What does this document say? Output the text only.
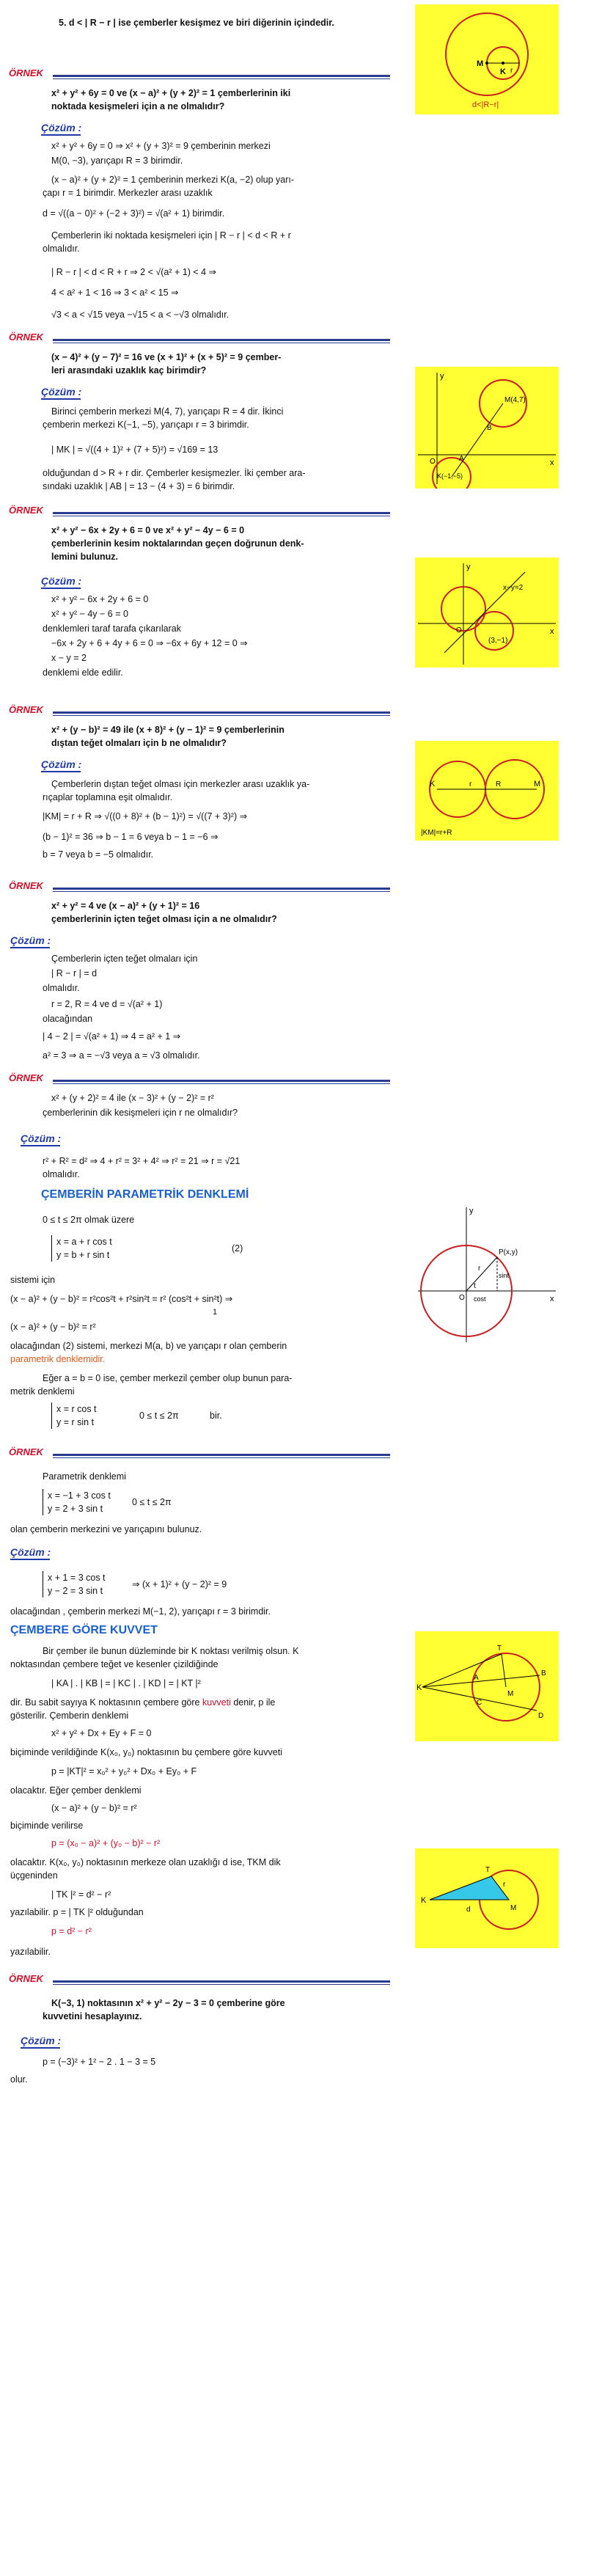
5. d < | R − r | ise çemberler kesişmez ve biri diğerinin içindedir.
M
K r
d<|R−r|
ÖRNEK
x² + y² + 6y = 0 ve (x − a)² + (y + 2)² = 1 çemberlerinin iki
noktada kesişmeleri için a ne olmalıdır?
Çözüm :
x² + y² + 6y = 0 ⇒ x² + (y + 3)² = 9 çemberinin merkezi
M(0, −3), yarıçapı R = 3 birimdir.
(x − a)² + (y + 2)² = 1 çemberinin merkezi K(a, −2) olup yarı-
çapı r = 1 birimdir. Merkezler arası uzaklık
d = √((a − 0)² + (−2 + 3)²) = √(a² + 1) birimdir.
Çemberlerin iki noktada kesişmeleri için | R − r | < d < R + r
olmalıdır.
| R − r | < d < R + r ⇒ 2 < √(a² + 1) < 4 ⇒
4 < a² + 1 < 16 ⇒ 3 < a² < 15 ⇒
√3 < a < √15 veya −√15 < a < −√3 olmalıdır.
ÖRNEK
(x − 4)² + (y − 7)² = 16 ve (x + 1)² + (x + 5)² = 9 çember-
leri arasındaki uzaklık kaç birimdir?
Çözüm :
Birinci çemberin merkezi M(4, 7), yarıçapı R = 4 dir. İkinci
çemberin merkezi K(−1, −5), yarıçapı r = 3 birimdir.
| MK | = √((4 + 1)² + (7 + 5)²) = √169 = 13
olduğundan d > R + r dir. Çemberler kesişmezler. İki çember ara-
sındaki uzaklık | AB | = 13 − (4 + 3) = 6 birimdir.
y
x
O
M(4,7)
B
A
K(−1,−5)
ÖRNEK
x² + y² − 6x + 2y + 6 = 0 ve x² + y² − 4y − 6 = 0
çemberlerinin kesim noktalarından geçen doğrunun denk-
lemini bulunuz.
Çözüm :
x² + y² − 6x + 2y + 6 = 0
x² + y² − 4y − 6 = 0
denklemleri taraf tarafa çıkarılarak
−6x + 2y + 6 + 4y + 6 = 0 ⇒ −6x + 6y + 12 = 0 ⇒
x − y = 2
denklemi elde edilir.
y
x
O
x−y=2
(3,−1)
ÖRNEK
x² + (y − b)² = 49 ile (x + 8)² + (y − 1)² = 9 çemberlerinin
dıştan teğet olmaları için b ne olmalıdır?
Çözüm :
Çemberlerin dıştan teğet olması için merkezler arası uzaklık ya-
rıçaplar toplamına eşit olmalıdır.
|KM| = r + R ⇒ √((0 + 8)² + (b − 1)²) = √((7 + 3)²) ⇒
(b − 1)² = 36 ⇒ b − 1 = 6 veya b − 1 = −6 ⇒
b = 7 veya b = −5 olmalıdır.
K	M
r	R
|KM|=r+R
ÖRNEK
x² + y² = 4 ve (x − a)² + (y + 1)² = 16
çemberlerinin içten teğet olması için a ne olmalıdır?
Çözüm :
Çemberlerin içten teğet olmaları için
| R − r | = d
olmalıdır.
r = 2, R = 4 ve d = √(a² + 1)
olacağından
| 4 − 2 | = √(a² + 1) ⇒ 4 = a² + 1 ⇒
a² = 3 ⇒ a = −√3 veya a = √3 olmalıdır.
ÖRNEK
x² + (y + 2)² = 4 ile (x − 3)² + (y − 2)² = r²
çemberlerinin dik kesişmeleri için r ne olmalıdır?
Çözüm :
r² + R² = d² ⇒ 4 + r² = 3² + 4² ⇒ r² = 21 ⇒ r = √21
olmalıdır.
ÇEMBERİN PARAMETRİK DENKLEMİ
0 ≤ t ≤ 2π olmak üzere
x = a + r cos t
y = b + r sin t
(2)
sistemi için
(x − a)² + (y − b)² = r²cos²t + r²sin²t = r² (cos²t + sin²t) ⇒
1
(x − a)² + (y − b)² = r²
olacağından (2) sistemi, merkezi M(a, b) ve yarıçapı r olan çemberin
parametrik denklemidir.
Eğer a = b = 0 ise, çember merkezil çember olup bunun para-
metrik denklemi
x = r cos t
y = r sin t
0 ≤ t ≤ 2π	bir.
y
x
O
P(x,y)
t
r
sint
cost
ÖRNEK
Parametrik denklemi
x = −1 + 3 cos t
y = 2 + 3 sin t
0 ≤ t ≤ 2π
olan çemberin merkezini ve yarıçapını bulunuz.
Çözüm :
x + 1 = 3 cos t
y − 2 = 3 sin t
⇒ (x + 1)² + (y − 2)² = 9
olacağından , çemberin merkezi M(−1, 2), yarıçapı r = 3 birimdir.
ÇEMBERE GÖRE KUVVET
Bir çember ile bunun düzleminde bir K noktası verilmiş olsun. K
noktasından çembere teğet ve kesenler çizildiğinde
| KA | . | KB | = | KC | . | KD | = | KT |²
dir. Bu sabit sayıya K noktasının çembere göre kuvveti denir, p ile
gösterilir. Çemberin denklemi
x² + y² + Dx + Ey + F = 0
biçiminde verildiğinde K(x₀, y₀) noktasının bu çembere göre kuvveti
p = |KT|² = x₀² + y₀² + Dx₀ + Ey₀ + F
olacaktır. Eğer çember denklemi
(x − a)² + (y − b)² = r²
biçiminde verilirse
p = (x₀ − a)² + (y₀ − b)² − r²
olacaktır. K(x₀, y₀) noktasının merkeze olan uzaklığı d ise, TKM dik
üçgeninden
| TK |² = d² − r²
yazılabilir. p = | TK |² olduğundan
p = d² − r²
yazılabilir.
K
A
B
C
D
T
M
T
K
M
r
d
ÖRNEK
K(−3, 1) noktasının x² + y² − 2y − 3 = 0 çemberine göre
kuvvetini hesaplayınız.
Çözüm :
p = (−3)² + 1² − 2 . 1 − 3 = 5
olur.
